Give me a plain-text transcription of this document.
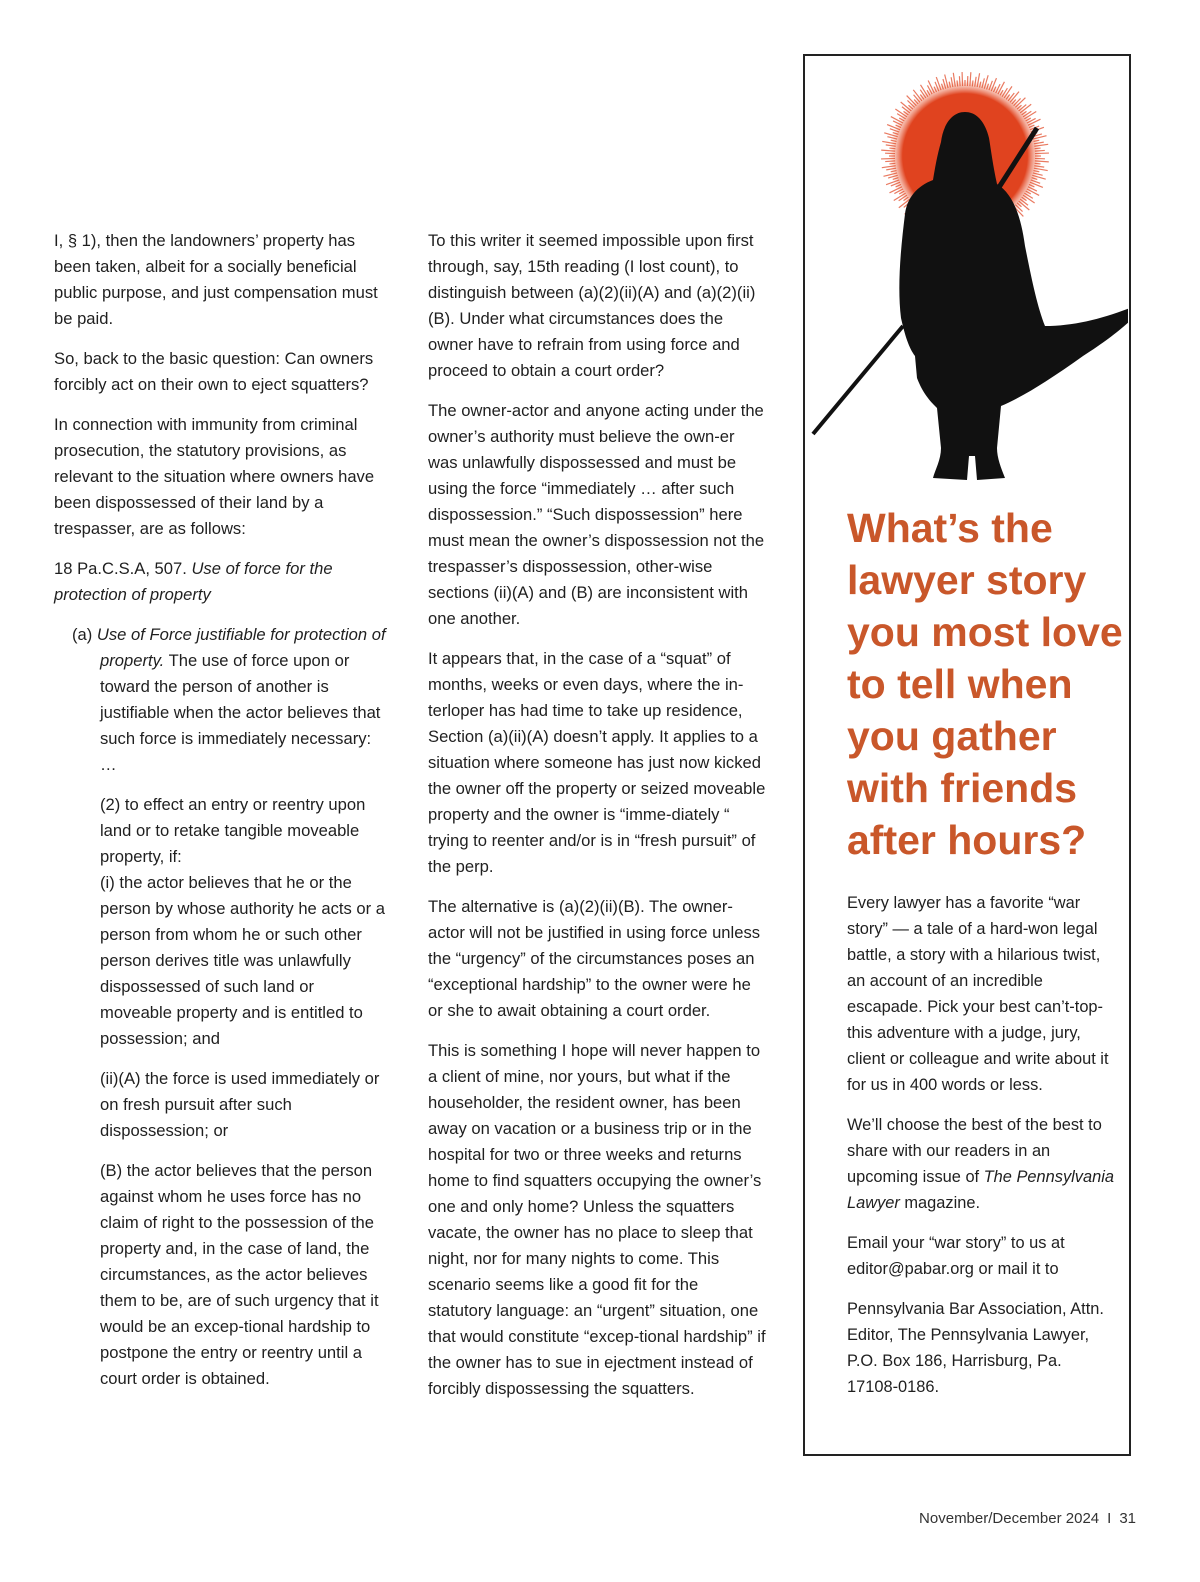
I, § 1), then the landowners’ property has been taken, albeit for a socially beneficial public purpose, and just compensation must be paid.

So, back to the basic question: Can owners forcibly act on their own to eject squatters?

In connection with immunity from criminal prosecution, the statutory provisions, as relevant to the situation where owners have been dispossessed of their land by a trespasser, are as follows:

18 Pa.C.S.A, 507. Use of force for the protection of property

(a) Use of Force justifiable for protection of property. The use of force upon or toward the person of another is justifiable when the actor believes that such force is immediately necessary: …

(2) to effect an entry or reentry upon land or to retake tangible moveable property, if:

(i) the actor believes that he or the person by whose authority he acts or a person from whom he or such other person derives title was unlawfully dispossessed of such land or moveable property and is entitled to possession; and

(ii)(A) the force is used immediately or on fresh pursuit after such dispossession; or

(B) the actor believes that the person against whom he uses force has no claim of right to the possession of the property and, in the case of land, the circumstances, as the actor believes them to be, are of such urgency that it would be an excep-tional hardship to postpone the entry or reentry until a court order is obtained.

To this writer it seemed impossible upon first through, say, 15th reading (I lost count), to distinguish between (a)(2)(ii)(A) and (a)(2)(ii)(B). Under what circumstances does the owner have to refrain from using force and proceed to obtain a court order?

The owner-actor and anyone acting under the owner’s authority must believe the own-er was unlawfully dispossessed and must be using the force “immediately … after such dispossession.” “Such dispossession” here must mean the owner’s dispossession not the trespasser’s dispossession, other-wise sections (ii)(A) and (B) are inconsistent with one another.

It appears that, in the case of a “squat” of months, weeks or even days, where the in-terloper has had time to take up residence, Section (a)(ii)(A) doesn’t apply. It applies to a situation where someone has just now kicked the owner off the property or seized moveable property and the owner is “imme-diately “ trying to reenter and/or is in “fresh pursuit” of the perp.

The alternative is (a)(2)(ii)(B). The owner-actor will not be justified in using force unless the “urgency” of the circumstances poses an “exceptional hardship” to the owner were he or she to await obtaining a court order.

This is something I hope will never happen to a client of mine, nor yours, but what if the householder, the resident owner, has been away on vacation or a business trip or in the hospital for two or three weeks and returns home to find squatters occupying the owner’s one and only home? Unless the squatters vacate, the owner has no place to sleep that night, nor for many nights to come. This scenario seems like a good fit for the statutory language: an “urgent” situation, one that would constitute “excep-tional hardship” if the owner has to sue in ejectment instead of forcibly dispossessing the squatters.

What’s the lawyer story you most love to tell when you gather with friends after hours?

Every lawyer has a favorite “war story” — a tale of a hard-won legal battle, a story with a hilarious twist, an account of an incredible escapade. Pick your best can’t-top-this adventure with a judge, jury, client or colleague and write about it for us in 400 words or less.

We’ll choose the best of the best to share with our readers in an upcoming issue of The Pennsylvania Lawyer magazine.

Email your “war story” to us at editor@pabar.org or mail it to

Pennsylvania Bar Association, Attn. Editor, The Pennsylvania Lawyer, P.O. Box 186, Harrisburg, Pa. 17108-0186.

November/December 2024 I 31
